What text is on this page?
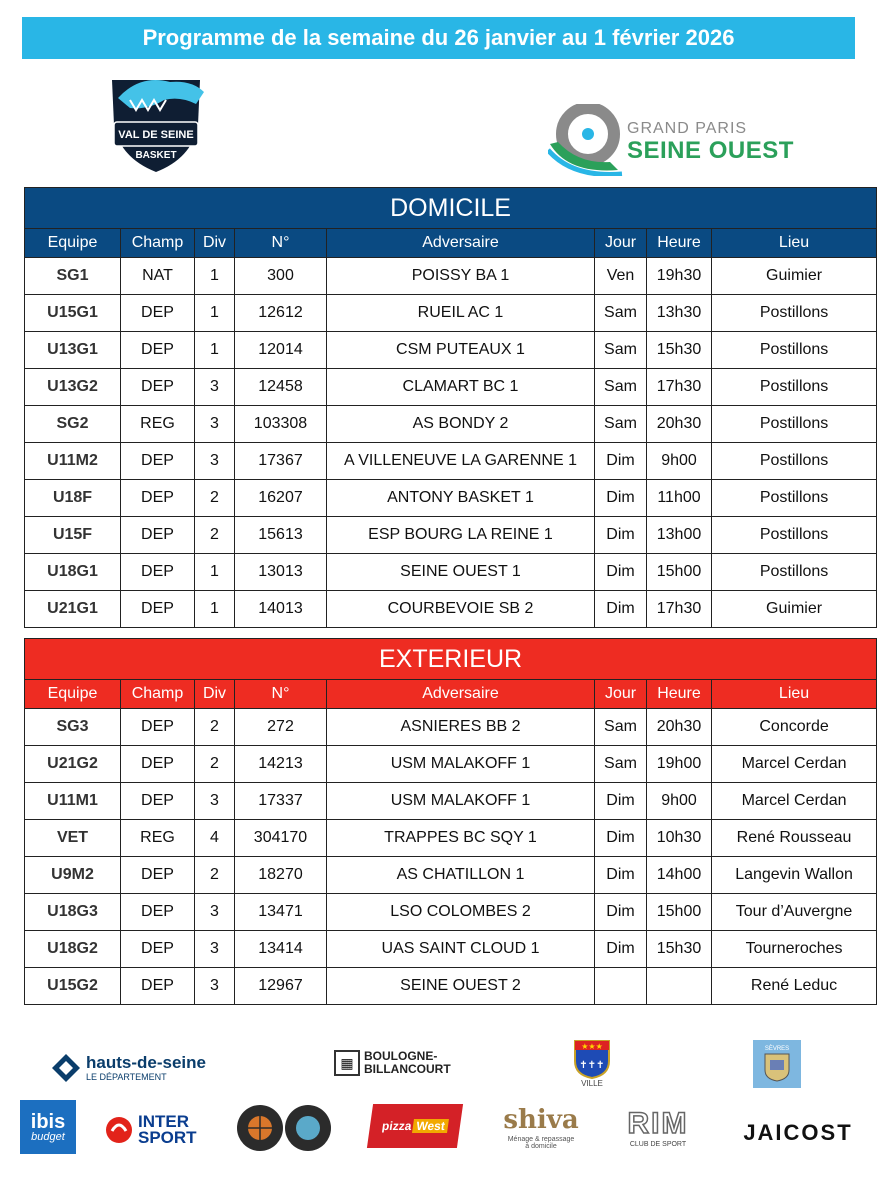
Programme de la semaine du 26 janvier au 1 février 2026
VAL DE SEINE
BASKET
GRAND PARIS
SEINE OUEST
DOMICILE							
Equipe	Champ	Div	N°	Adversaire	Jour	Heure	Lieu
SG1	NAT	1	300	POISSY BA 1	Ven	19h30	Guimier
U15G1	DEP	1	12612	RUEIL AC 1	Sam	13h30	Postillons
U13G1	DEP	1	12014	CSM PUTEAUX 1	Sam	15h30	Postillons
U13G2	DEP	3	12458	CLAMART BC 1	Sam	17h30	Postillons
SG2	REG	3	103308	AS BONDY 2	Sam	20h30	Postillons
U11M2	DEP	3	17367	A VILLENEUVE LA GARENNE 1	Dim	9h00	Postillons
U18F	DEP	2	16207	ANTONY BASKET 1	Dim	11h00	Postillons
U15F	DEP	2	15613	ESP BOURG LA REINE 1	Dim	13h00	Postillons
U18G1	DEP	1	13013	SEINE OUEST 1	Dim	15h00	Postillons
U21G1	DEP	1	14013	COURBEVOIE SB 2	Dim	17h30	Guimier
EXTERIEUR							
Equipe	Champ	Div	N°	Adversaire	Jour	Heure	Lieu
SG3	DEP	2	272	ASNIERES BB 2	Sam	20h30	Concorde
U21G2	DEP	2	14213	USM MALAKOFF 1	Sam	19h00	Marcel Cerdan
U11M1	DEP	3	17337	USM MALAKOFF 1	Dim	9h00	Marcel Cerdan
VET	REG	4	304170	TRAPPES BC SQY 1	Dim	10h30	René Rousseau
U9M2	DEP	2	18270	AS CHATILLON 1	Dim	14h00	Langevin Wallon
U18G3	DEP	3	13471	LSO COLOMBES 2	Dim	15h00	Tour d’Auvergne
U18G2	DEP	3	13414	UAS SAINT CLOUD 1	Dim	15h30	Tourneroches
U15G2	DEP	3	12967	SEINE OUEST 2			René Leduc
hauts-de-seine
LE DÉPARTEMENT
▦ BOULOGNE-
BILLANCOURT
★★★
✝✝✝
VILLE
SÈVRES
ibis
budget
INTER
SPORT
pizza West shiva
Ménage & repassage
à domicile
RIM
CLUB DE SPORT	JAICOST
